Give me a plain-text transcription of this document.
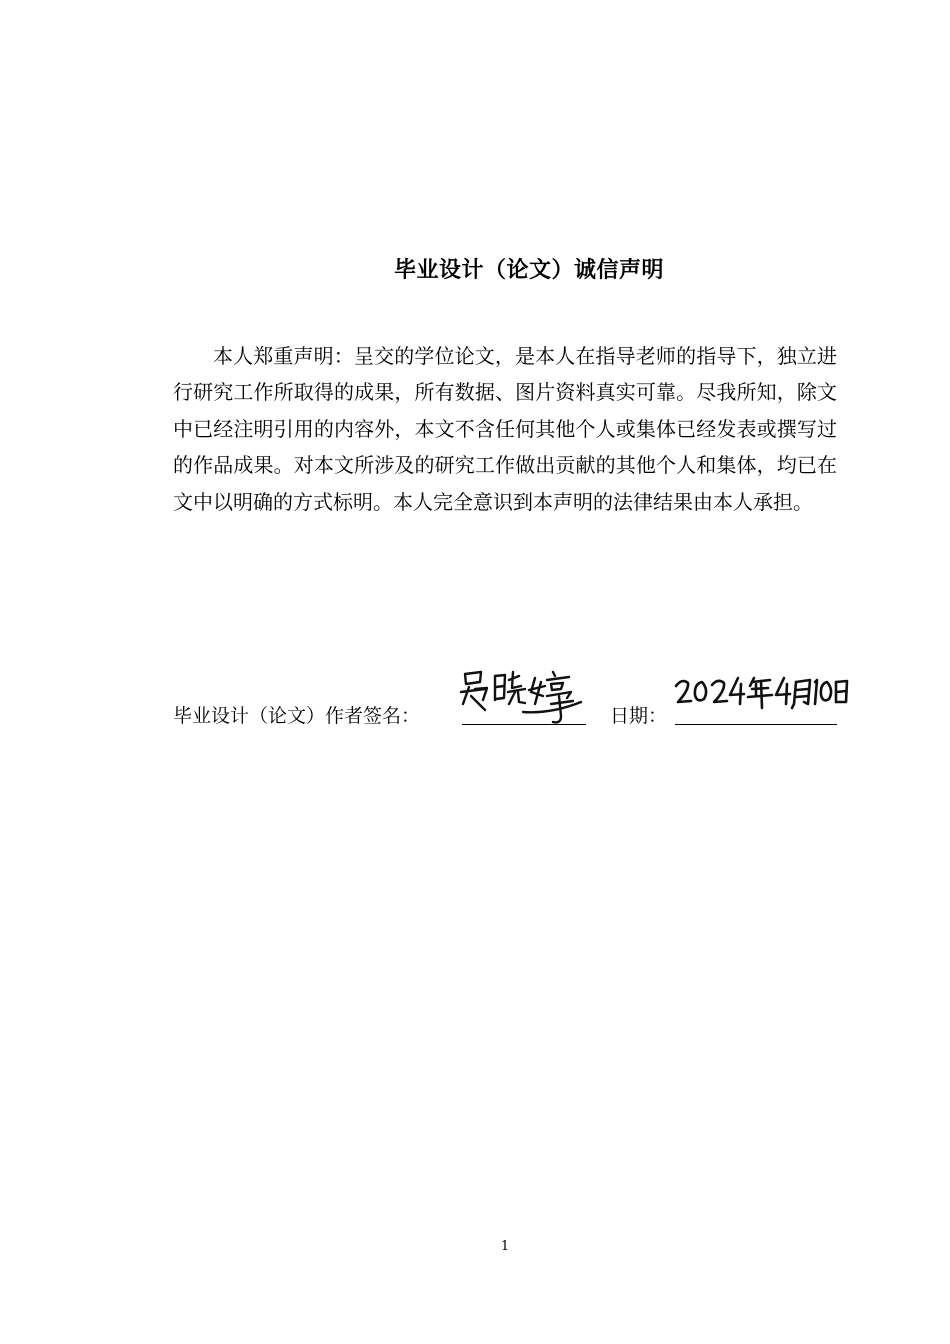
毕业设计（论文）诚信声明

本人郑重声明：呈交的学位论文，是本人在指导老师的指导下，独立进行研究工作所取得的成果，所有数据、图片资料真实可靠。尽我所知，除文中已经注明引用的内容外，本文不含任何其他个人或集体已经发表或撰写过的作品成果。对本文所涉及的研究工作做出贡献的其他个人和集体，均已在文中以明确的方式标明。本人完全意识到本声明的法律结果由本人承担。

毕业设计（论文）作者签名：	日期：
1
